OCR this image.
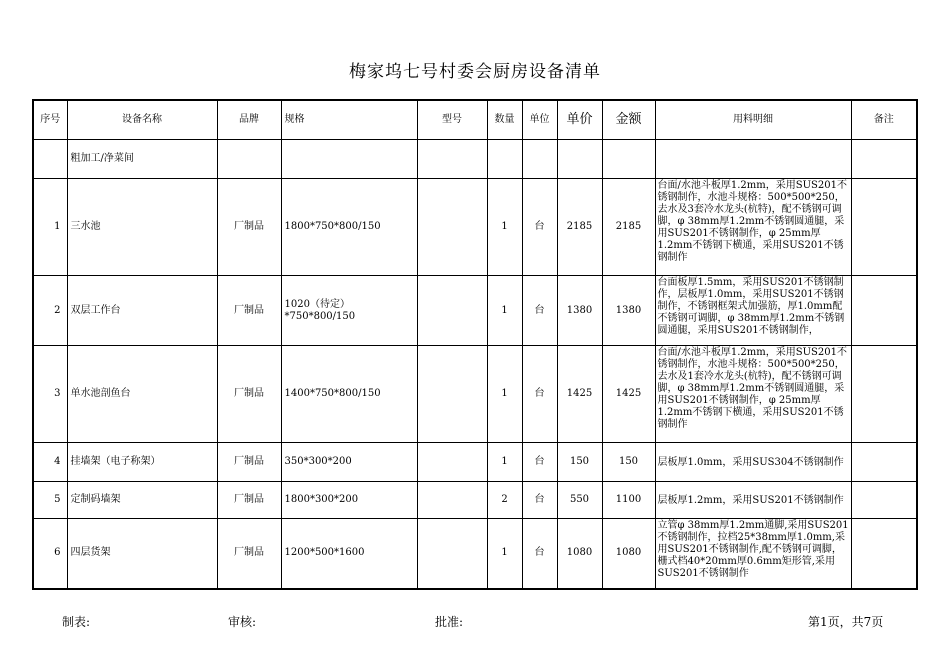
梅家坞七号村委会厨房设备清单
序号	设备名称	品牌	规格	型号	数量	单位	单价	金额	用料明细	备注
	粗加工/净菜间									
1	三水池	厂制品	1800*750*800/150		1	台	2185	2185	台面/水池斗板厚1.2mm，采用SUS201不锈钢制作，水池斗规格：500*500*250，去水及3套冷水龙头(杭特)，配不锈钢可调脚，φ 38mm厚1.2mm不锈钢圆通腿，采用SUS201不锈钢制作，φ 25mm厚1.2mm不锈钢下横通，采用SUS201不锈钢制作	
2	双层工作台	厂制品	1020（待定）*750*800/150		1	台	1380	1380	台面板厚1.5mm，采用SUS201不锈钢制作，层板厚1.0mm，采用SUS201不锈钢制作，不锈钢框架式加强筋，厚1.0mm配不锈钢可调脚，φ 38mm厚1.2mm不锈钢圆通腿，采用SUS201不锈钢制作，	
3	单水池剖鱼台	厂制品	1400*750*800/150		1	台	1425	1425	台面/水池斗板厚1.2mm，采用SUS201不锈钢制作，水池斗规格：500*500*250，去水及1套冷水龙头(杭特)，配不锈钢可调脚，φ 38mm厚1.2mm不锈钢圆通腿，采用SUS201不锈钢制作，φ 25mm厚1.2mm不锈钢下横通，采用SUS201不锈钢制作	
4	挂墙架（电子称架）	厂制品	350*300*200		1	台	150	150	层板厚1.0mm，采用SUS304不锈钢制作	
5	定制码墙架	厂制品	1800*300*200		2	台	550	1100	层板厚1.2mm，采用SUS201不锈钢制作	
6	四层货架	厂制品	1200*500*1600		1	台	1080	1080	立管φ 38mm厚1.2mm通脚,采用SUS201不锈钢制作，拉档25*38mm厚1.0mm,采用SUS201不锈钢制作,配不锈钢可调脚，栅式档40*20mm厚0.6mm矩形管,采用SUS201不锈钢制作	
制表:	审核:	批准:	第1页，共7页
